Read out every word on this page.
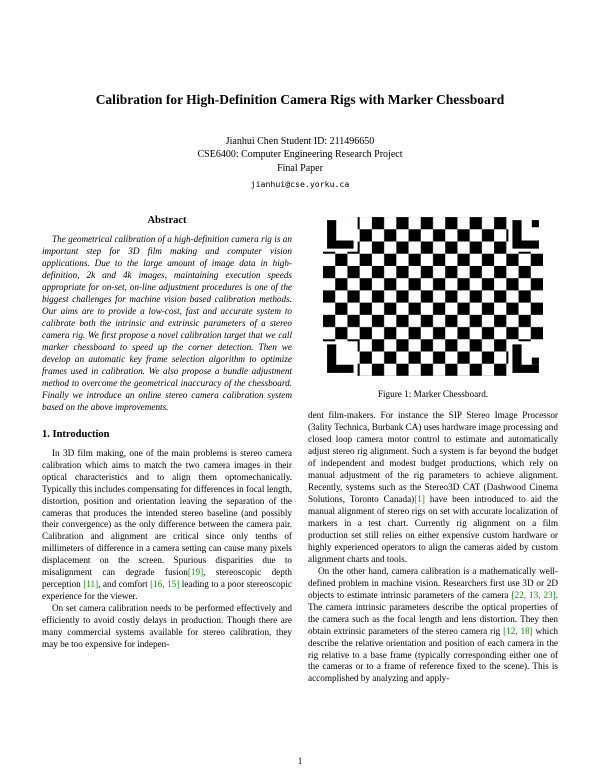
Calibration for High-Definition Camera Rigs with Marker Chessboard
Jianhui Chen Student ID: 211496650
CSE6400: Computer Engineering Research Project
Final Paper
jianhui@cse.yorku.ca
Abstract

The geometrical calibration of a high-definition camera rig is an important step for 3D film making and computer vision applications. Due to the large amount of image data in high-definition, 2k and 4k images, maintaining execution speeds appropriate for on-set, on-line adjustment procedures is one of the biggest challenges for machine vision based calibration methods. Our aims are to provide a low-cost, fast and accurate system to calibrate both the intrinsic and extrinsic parameters of a stereo camera rig. We first propose a novel calibration target that we call marker chessboard to speed up the corner detection. Then we develop an automatic key frame selection algorithm to optimize frames used in calibration. We also propose a bundle adjustment method to overcome the geometrical inaccuracy of the chessboard. Finally we introduce an online stereo camera calibration system based on the above improvements.

1. Introduction

In 3D film making, one of the main problems is stereo camera calibration which aims to match the two camera images in their optical characteristics and to align them optomechanically. Typically this includes compensating for differences in focal length, distortion, position and orientation leaving the separation of the cameras that produces the intended stereo baseline (and possibly their convergence) as the only difference between the camera pair. Calibration and alignment are critical since only tenths of millimeters of difference in a camera setting can cause many pixels displacement on the screen. Spurious disparities due to misalignment can degrade fusion[19], stereoscopic depth perception [11], and comfort [16, 15] leading to a poor stereoscopic experience for the viewer.

On set camera calibration needs to be performed effectively and efficiently to avoid costly delays in production. Though there are many commercial systems available for stereo calibration, they may be too expensive for indepen-

Figure 1: Marker Chessboard.

dent film-makers. For instance the SIP Stereo Image Processor (3ality Technica, Burbank CA) uses hardware image processing and closed loop camera motor control to estimate and automatically adjust stereo rig alignment. Such a system is far beyond the budget of independent and modest budget productions, which rely on manual adjustment of the rig parameters to achieve alignment. Recently, systems such as the Stereo3D CAT (Dashwood Cinema Solutions, Toronto Canada)[1] have been introduced to aid the manual alignment of stereo rigs on set with accurate localization of markers in a test chart. Currently rig alignment on a film production set still relies on either expensive custom hardware or highly experienced operators to align the cameras aided by custom alignment charts and tools.

On the other hand, camera calibration is a mathematically well-defined problem in machine vision. Researchers first use 3D or 2D objects to estimate intrinsic parameters of the camera [22, 13, 23]. The camera intrinsic parameters describe the optical properties of the camera such as the focal length and lens distortion. They then obtain extrinsic parameters of the stereo camera rig [12, 18] which describe the relative orientation and position of each camera in the rig relative to a base frame (typically corresponding either one of the cameras or to a frame of reference fixed to the scene). This is accomplished by analyzing and apply-

1
